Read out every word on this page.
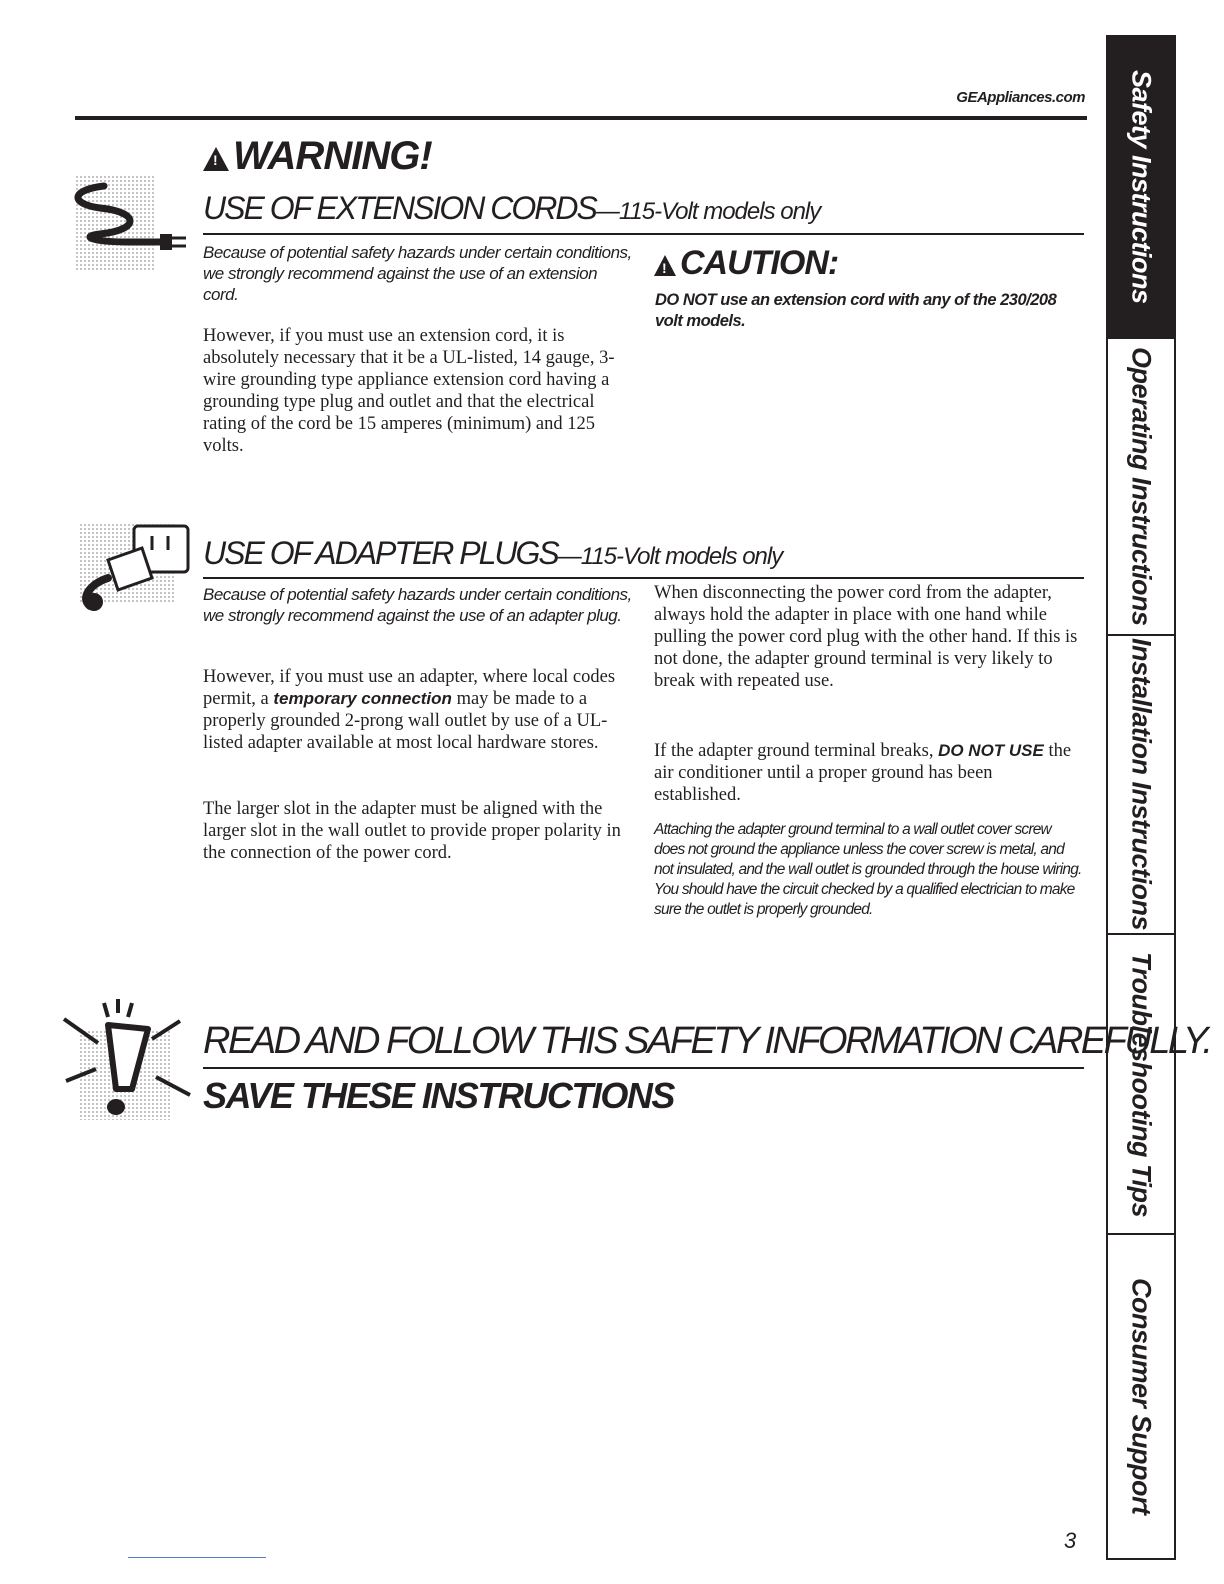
GEAppliances.com Safety Instructions
Operating Instructions
Installation Instructions
Troubleshooting Tips
Consumer Support
!WARNING!
USE OF EXTENSION CORDS—115-Volt models only
Because of potential safety hazards under certain conditions, we strongly recommend against the use of an extension cord.
However, if you must use an extension cord, it is absolutely necessary that it be a UL-listed, 14 gauge, 3-wire grounding type appliance extension cord having a grounding type plug and outlet and that the electrical rating of the cord be 15 amperes (minimum) and 125 volts.
!CAUTION:
DO NOT use an extension cord with any of the 230/208 volt models.
USE OF ADAPTER PLUGS—115-Volt models only
Because of potential safety hazards under certain conditions, we strongly recommend against the use of an adapter plug.
However, if you must use an adapter, where local codes permit, a temporary connection may be made to a properly grounded 2-prong wall outlet by use of a UL-listed adapter available at most local hardware stores.
The larger slot in the adapter must be aligned with the larger slot in the wall outlet to provide proper polarity in the connection of the power cord.
When disconnecting the power cord from the adapter, always hold the adapter in place with one hand while pulling the power cord plug with the other hand. If this is not done, the adapter ground terminal is very likely to break with repeated use.
If the adapter ground terminal breaks, DO NOT USE the air conditioner until a proper ground has been established.
Attaching the adapter ground terminal to a wall outlet cover screw does not ground the appliance unless the cover screw is metal, and not insulated, and the wall outlet is grounded through the house wiring. You should have the circuit checked by a qualified electrician to make sure the outlet is properly grounded.
READ AND FOLLOW THIS SAFETY INFORMATION CAREFULLY.
SAVE THESE INSTRUCTIONS
3
